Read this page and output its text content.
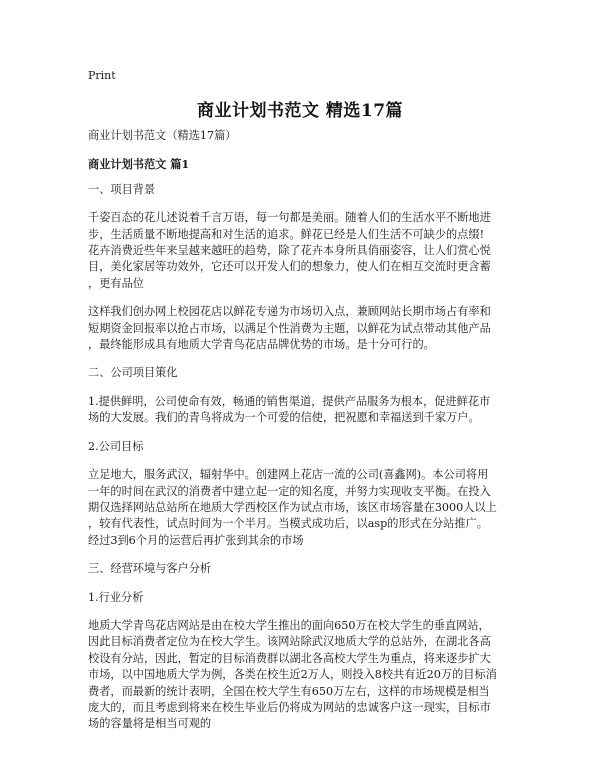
Print
商业计划书范文 精选17篇

商业计划书范文（精选17篇）

商业计划书范文 篇1

一、项目背景

千姿百态的花儿述说着千言万语，每一句都是美丽。随着人们的生活水平不断地进

步，生活质量不断地提高和对生活的追求。鲜花已经是人们生活不可缺少的点缀!

花卉消费近些年来呈越来越旺的趋势，除了花卉本身所具俏丽姿容，让人们赏心悦

目，美化家居等功效外，它还可以开发人们的想象力，使人们在相互交流时更含蓄

，更有品位

这样我们创办网上校园花店以鲜花专递为市场切入点，兼顾网站长期市场占有率和

短期资金回报率以抢占市场，以满足个性消费为主题，以鲜花为试点带动其他产品

，最终能形成具有地质大学青鸟花店品牌优势的市场。是十分可行的。

二、公司项目策化

1.提供鲜明，公司使命有效，畅通的销售渠道，提供产品服务为根本，促进鲜花市

场的大发展。我们的青鸟将成为一个可爱的信使，把祝愿和幸福送到千家万户。

2.公司目标

立足地大，服务武汉，辐射华中。创建网上花店一流的公司(喜鑫网)。本公司将用

一年的时间在武汉的消费者中建立起一定的知名度，并努力实现收支平衡。在投入

期仅选择网站总站所在地质大学西校区作为试点市场，该区市场容量在3000人以上

，较有代表性，试点时间为一个半月。当模式成功后，以asp的形式在分站推广。

经过3到6个月的运营后再扩张到其余的市场

三、经营环境与客户分析

1.行业分析

地质大学青鸟花店网站是由在校大学生推出的面向650万在校大学生的垂直网站，

因此目标消费者定位为在校大学生。该网站除武汉地质大学的总站外，在湖北各高

校设有分站，因此，暂定的目标消费群以湖北各高校大学生为重点，将来逐步扩大

市场，以中国地质大学为例，各类在校生近2万人，则投入8校共有近20万的目标消

费者，而最新的统计表明，全国在校大学生有650万左右，这样的市场规模是相当

庞大的，而且考虑到将来在校生毕业后仍将成为网站的忠诚客户这一现实，目标市

场的容量将是相当可观的
